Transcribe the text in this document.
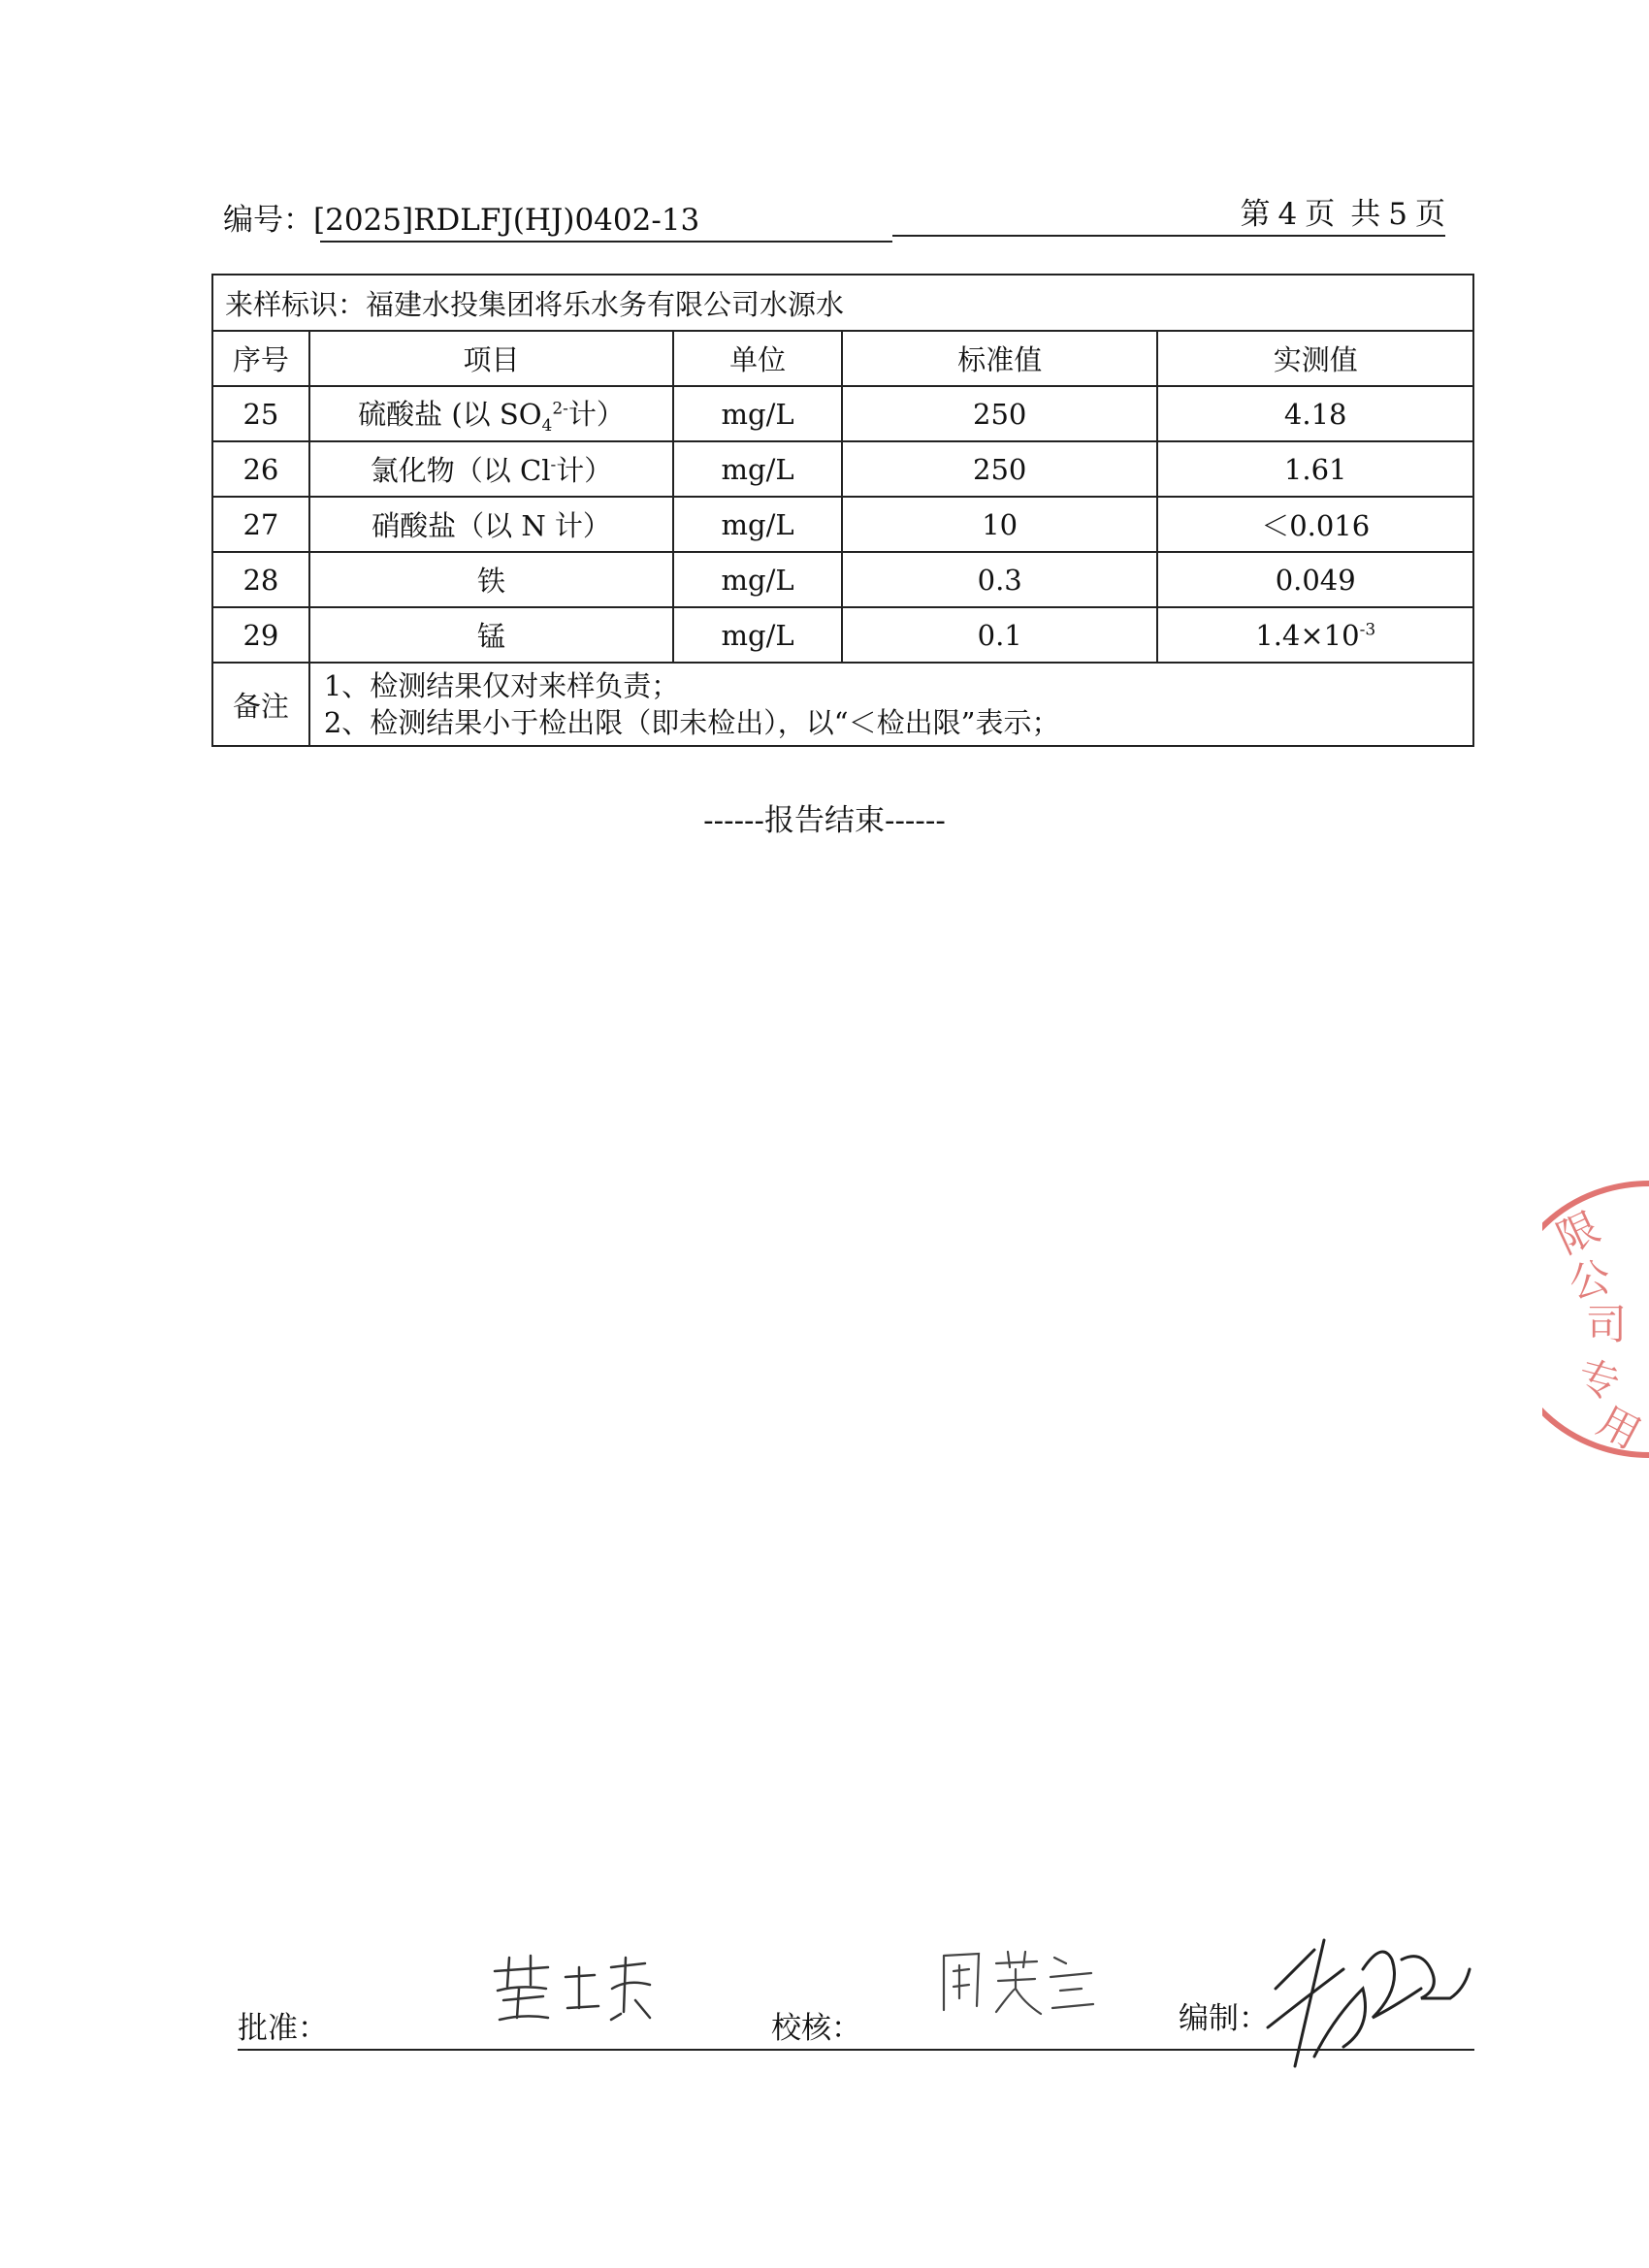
编号： [2025]RDLFJ(HJ)0402-13	第 4 页 共 5 页
来样标识：福建水投集团将乐水务有限公司水源水				
序号	项目	单位	标准值	实测值
25	硫酸盐 (以 $SO_4^{2-}$计）	mg/L	250	4.18
26	氯化物（以 Cl-计）	mg/L	250	1.61
27	硝酸盐（以 N 计）	mg/L	10	＜0.016
28	铁	mg/L	0.3	0.049
29	锰	mg/L	0.1	$1.4\times 10^{-3}$
备注	1、检测结果仅对来样负责；
2、检测结果小于检出限（即未检出），以“＜检出限”表示；			
------报告结束------
限
公
司
专
用
批准：	校核：	编制：
